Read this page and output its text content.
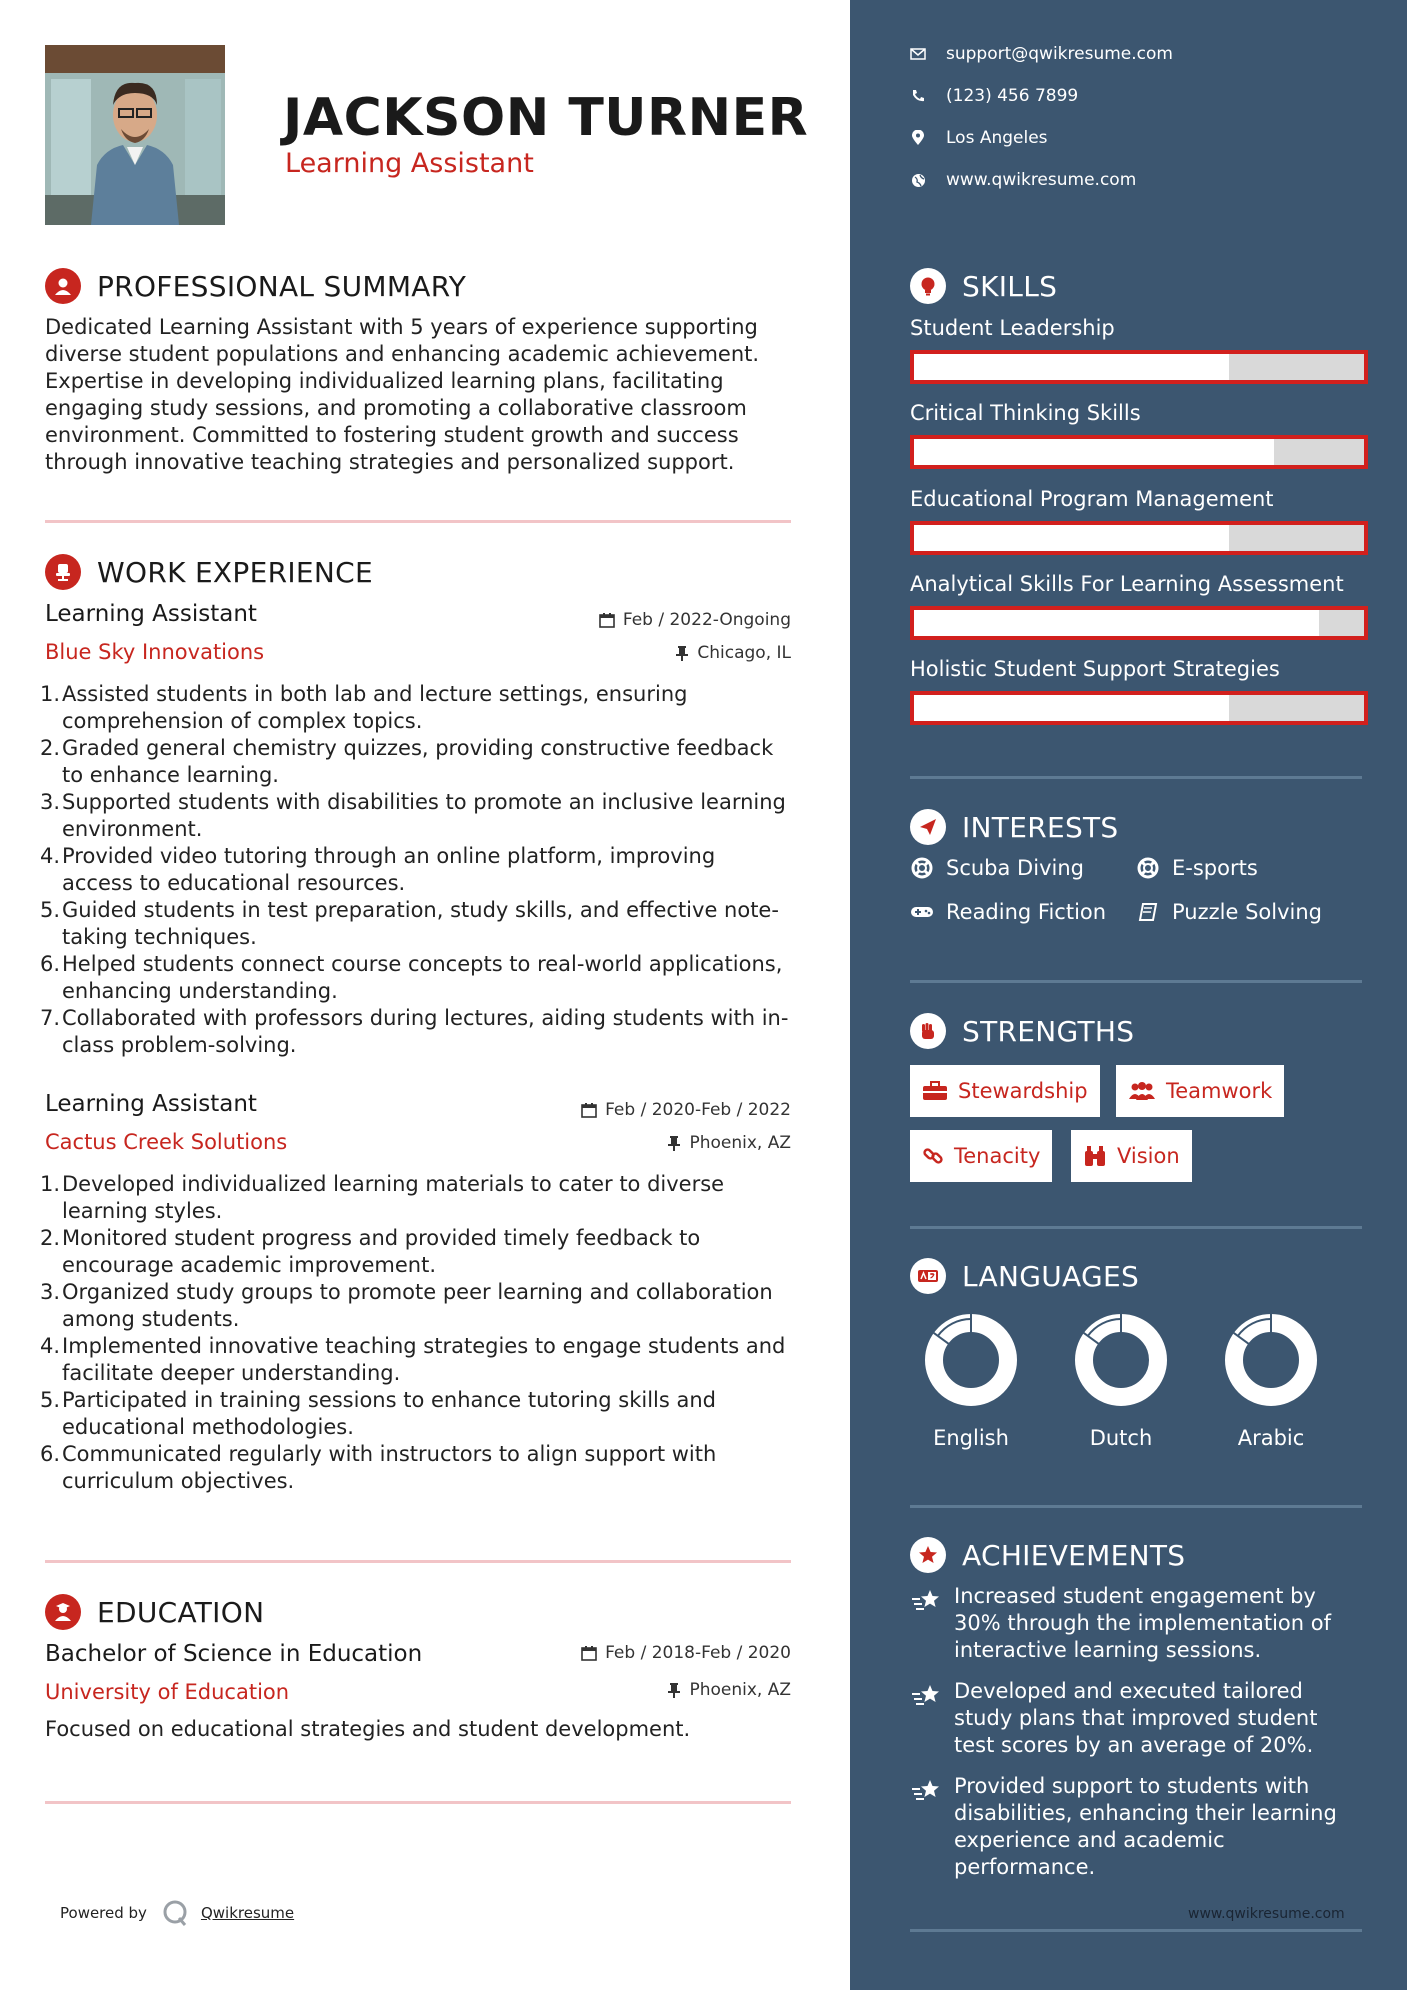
JACKSON TURNER
Learning Assistant
PROFESSIONAL SUMMARY
Dedicated Learning Assistant with 5 years of experience supporting diverse student populations and enhancing academic achievement. Expertise in developing individualized learning plans, facilitating engaging study sessions, and promoting a collaborative classroom environment. Committed to fostering student growth and success through innovative teaching strategies and personalized support.
WORK EXPERIENCE
Learning Assistant	Feb / 2022-Ongoing
Blue Sky Innovations	Chicago, IL
1. Assisted students in both lab and lecture settings, ensuring
comprehension of complex topics.
2. Graded general chemistry quizzes, providing constructive feedback
to enhance learning.
3. Supported students with disabilities to promote an inclusive learning
environment.
4. Provided video tutoring through an online platform, improving
access to educational resources.
5. Guided students in test preparation, study skills, and effective note-
taking techniques.
6. Helped students connect course concepts to real-world applications,
enhancing understanding.
7. Collaborated with professors during lectures, aiding students with in-
class problem-solving.
Learning Assistant	Feb / 2020-Feb / 2022
Cactus Creek Solutions	Phoenix, AZ
1. Developed individualized learning materials to cater to diverse
learning styles.
2. Monitored student progress and provided timely feedback to
encourage academic improvement.
3. Organized study groups to promote peer learning and collaboration
among students.
4. Implemented innovative teaching strategies to engage students and
facilitate deeper understanding.
5. Participated in training sessions to enhance tutoring skills and
educational methodologies.
6. Communicated regularly with instructors to align support with
curriculum objectives.
EDUCATION
Bachelor of Science in Education	Feb / 2018-Feb / 2020
University of Education	Phoenix, AZ
Focused on educational strategies and student development.
Powered by	Qwikresume
support@qwikresume.com
(123) 456 7899
Los Angeles
www.qwikresume.com
SKILLS
Student Leadership
Critical Thinking Skills
Educational Program Management
Analytical Skills For Learning Assessment
Holistic Student Support Strategies
INTERESTS
Scuba Diving	E-sports
Reading Fiction	Puzzle Solving
STRENGTHS
Stewardship	Teamwork
Tenacity	Vision
LANGUAGES
English	Dutch	Arabic
ACHIEVEMENTS
Increased student engagement by
30% through the implementation of
interactive learning sessions.
Developed and executed tailored
study plans that improved student
test scores by an average of 20%.
Provided support to students with
disabilities, enhancing their learning
experience and academic
performance.
www.qwikresume.com
